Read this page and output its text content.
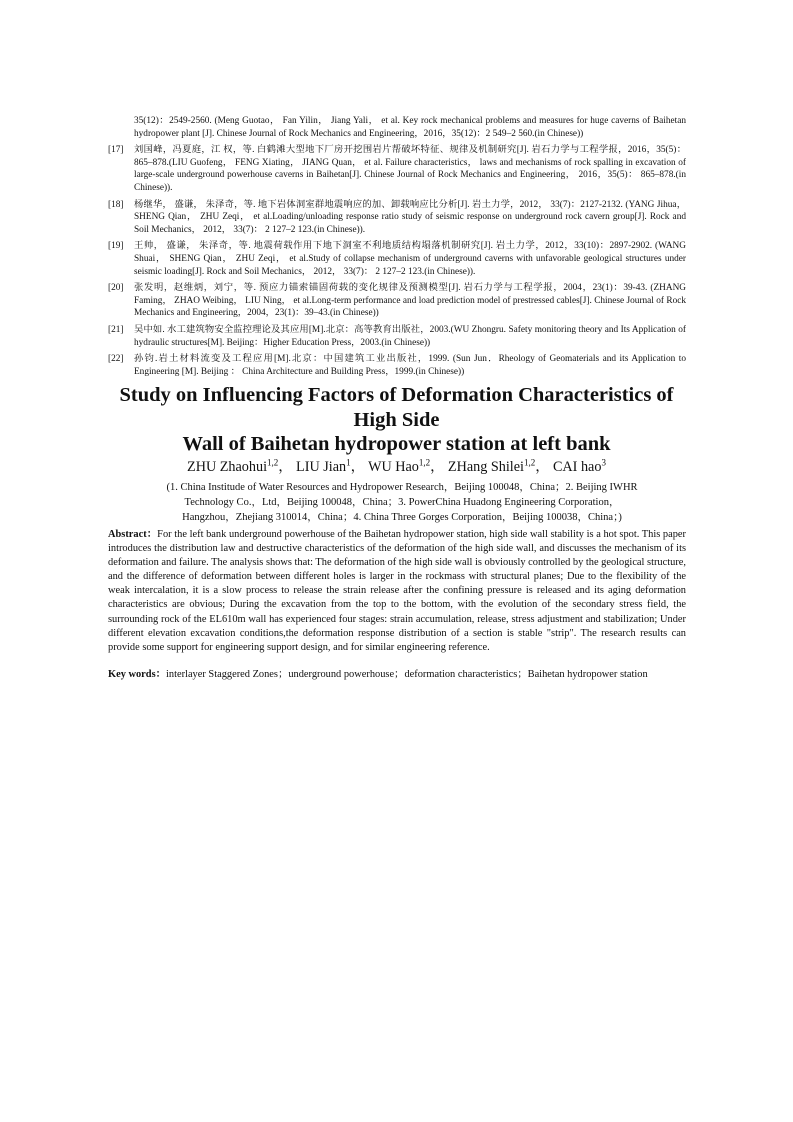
35(12)：2549-2560. (Meng Guotao， Fan Yilin， Jiang Yali， et al. Key rock mechanical problems and measures for huge caverns of Baihetan hydropower plant [J]. Chinese Journal of Rock Mechanics and Engineering，2016，35(12)：2 549–2 560.(in Chinese))
[17] 刘国峰，冯夏庭，江 权，等. 白鹤滩大型地下厂房开挖围岩片帮破坏特征、规律及机制研究[J]. 岩石力学与工程学报，2016，35(5)：865–878.(LIU Guofeng， FENG Xiating， JIANG Quan， et al. Failure characteristics， laws and mechanisms of rock spalling in excavation of large-scale underground powerhouse caverns in Baihetan[J]. Chinese Journal of Rock Mechanics and Engineering， 2016，35(5)： 865–878.(in Chinese)).
[18] 杨继华， 盛谦， 朱泽奇，等. 地下岩体洞室群地震响应的加、卸载响应比分析[J]. 岩土力学，2012， 33(7)：2127-2132. (YANG Jihua， SHENG Qian， ZHU Zeqi， et al.Loading/unloading response ratio study of seismic response on underground rock cavern group[J]. Rock and Soil Mechanics， 2012， 33(7)： 2 127–2 123.(in Chinese)).
[19] 王帅， 盛谦， 朱泽奇，等. 地震荷载作用下地下洞室不利地质结构塌落机制研究[J]. 岩土力学，2012，33(10)：2897-2902. (WANG Shuai， SHENG Qian， ZHU Zeqi， et al.Study of collapse mechanism of underground caverns with unfavorable geological structures under seismic loading[J]. Rock and Soil Mechanics， 2012， 33(7)： 2 127–2 123.(in Chinese)).
[20] 张发明，赵维炳，刘宁，等. 预应力锚索锚固荷载的变化规律及预测模型[J]. 岩石力学与工程学报，2004，23(1)：39-43. (ZHANG Faming， ZHAO Weibing， LIU Ning， et al.Long-term performance and load prediction model of prestressed cables[J]. Chinese Journal of Rock Mechanics and Engineering，2004，23(1)：39–43.(in Chinese))
[21] 吴中如. 水工建筑物安全监控理论及其应用[M].北京：高等教育出版社，2003.(WU Zhongru. Safety monitoring theory and Its Application of hydraulic structures[M]. Beijing：Higher Education Press，2003.(in Chinese))
[22] 孙钧.岩土材料流变及工程应用[M].北京：中国建筑工业出版社，1999. (Sun Jun．Rheology of Geomaterials and its Application to Engineering [M]. Beijing ： China Architecture and Building Press，1999.(in Chinese))
Study on Influencing Factors of Deformation Characteristics of
High Side
Wall of Baihetan hydropower station at left bank
ZHU Zhaohui$^{1,2}$， LIU Jian$^1$， WU Hao$^{1,2}$， ZHang Shilei$^{1,2}$， CAI hao$^3$
(1. China Institude of Water Resources and Hydropower Research，Beijing 100048，China；2. Beijing IWHR Technology Co.，Ltd，Beijing 100048，China；3. PowerChina Huadong Engineering Corporation，Hangzhou，Zhejiang 310014，China；4. China Three Gorges Corporation，Beijing 100038，China；)
Abstract：For the left bank underground powerhouse of the Baihetan hydropower station, high side wall stability is a hot spot. This paper introduces the distribution law and destructive characteristics of the deformation of the high side wall, and discusses the mechanism of its deformation and failure. The analysis shows that: The deformation of the high side wall is obviously controlled by the geological structure, and the difference of deformation between different holes is larger in the rockmass with structural planes; Due to the flexibility of the weak intercalation, it is a slow process to release the strain release after the confining pressure is released and its aging deformation characteristics are obvious; During the excavation from the top to the bottom, with the evolution of the secondary stress field, the surrounding rock of the EL610m wall has experienced four stages: strain accumulation, release, stress adjustment and stabilization; Under different elevation excavation conditions,the deformation response distribution of a section is stable "strip". The research results can provide some support for engineering support design, and for similar engineering reference.
Key words：interlayer Staggered Zones；underground powerhouse；deformation characteristics；Baihetan hydropower station
